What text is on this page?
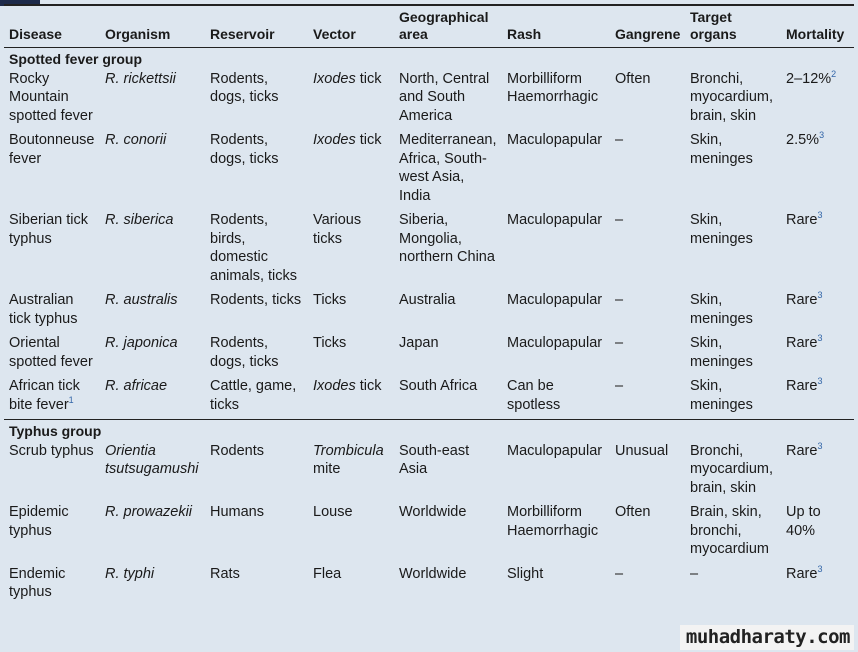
Disease	Organism	Reservoir	Vector	Geographical area	Rash	Gangrene	Target organs	Mortality
Spotted fever group								
Rocky Mountain spotted fever	R. rickettsii	Rodents, dogs, ticks	Ixodes tick	North, Central and South America	Morbilliform Haemorrhagic	Often	Bronchi, myocardium, brain, skin	2–12%$^2$
Boutonneuse fever	R. conorii	Rodents, dogs, ticks	Ixodes tick	Mediterranean, Africa, South-west Asia, India	Maculopapular	–	Skin, meninges	2.5%$^3$
Siberian tick typhus	R. siberica	Rodents, birds, domestic animals, ticks	Various ticks	Siberia, Mongolia, northern China	Maculopapular	–	Skin, meninges	Rare$^3$
Australian tick typhus	R. australis	Rodents, ticks	Ticks	Australia	Maculopapular	–	Skin, meninges	Rare$^3$
Oriental spotted fever	R. japonica	Rodents, dogs, ticks	Ticks	Japan	Maculopapular	–	Skin, meninges	Rare$^3$
African tick bite fever$^1$	R. africae	Cattle, game, ticks	Ixodes tick	South Africa	Can be spotless	–	Skin, meninges	Rare$^3$
Typhus group								
Scrub typhus	Orientia tsutsugamushi	Rodents	Trombicula mite	South-east Asia	Maculopapular	Unusual	Bronchi, myocardium, brain, skin	Rare$^3$
Epidemic typhus	R. prowazekii	Humans	Louse	Worldwide	Morbilliform Haemorrhagic	Often	Brain, skin, bronchi, myocardium	Up to 40%
Endemic typhus	R. typhi	Rats	Flea	Worldwide	Slight	–	–	Rare$^3$
muhadharaty.com
